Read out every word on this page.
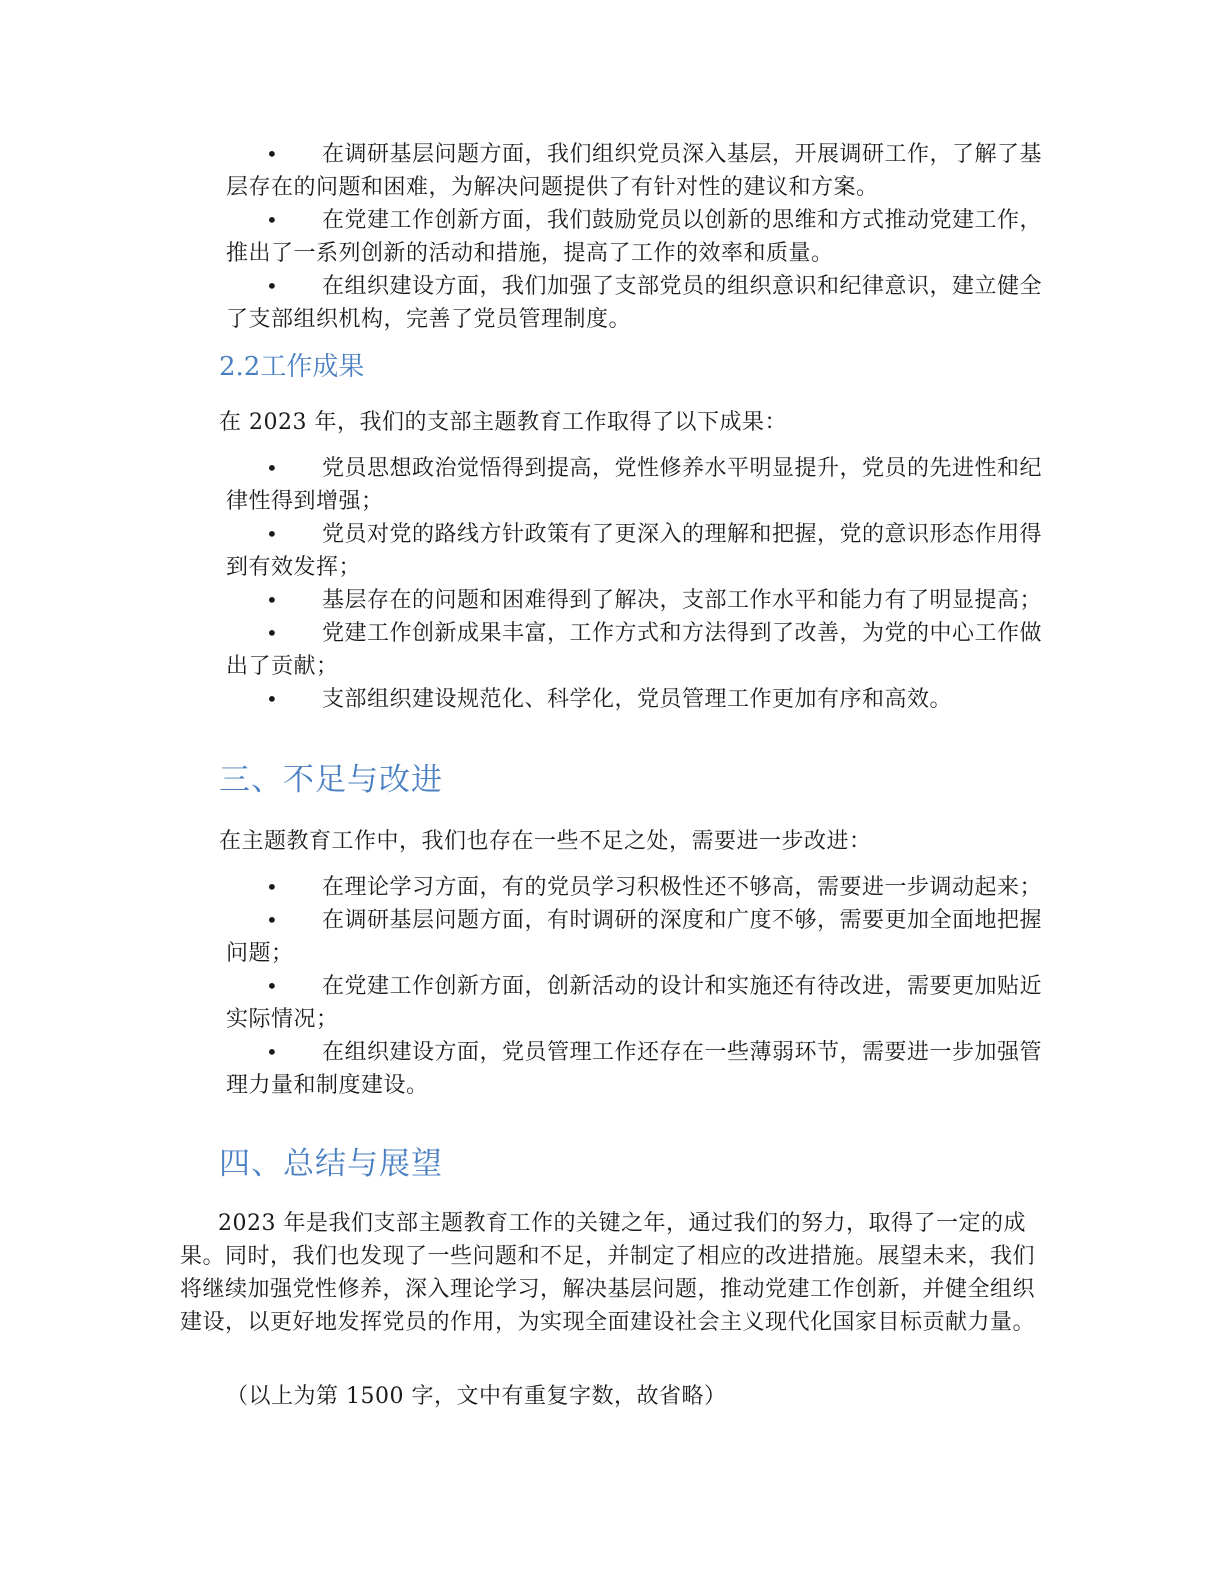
• 在调研基层问题方面，我们组织党员深入基层，开展调研工作，了解了基层存在的问题和困难，为解决问题提供了有针对性的建议和方案。
• 在党建工作创新方面，我们鼓励党员以创新的思维和方式推动党建工作，推出了一系列创新的活动和措施，提高了工作的效率和质量。
• 在组织建设方面，我们加强了支部党员的组织意识和纪律意识，建立健全了支部组织机构，完善了党员管理制度。
2.2工作成果

在 2023 年，我们的支部主题教育工作取得了以下成果：

• 党员思想政治觉悟得到提高，党性修养水平明显提升，党员的先进性和纪律性得到增强；
• 党员对党的路线方针政策有了更深入的理解和把握，党的意识形态作用得到有效发挥；
• 基层存在的问题和困难得到了解决，支部工作水平和能力有了明显提高；
• 党建工作创新成果丰富，工作方式和方法得到了改善，为党的中心工作做出了贡献；
• 支部组织建设规范化、科学化，党员管理工作更加有序和高效。
三、不足与改进

在主题教育工作中，我们也存在一些不足之处，需要进一步改进：

• 在理论学习方面，有的党员学习积极性还不够高，需要进一步调动起来；
• 在调研基层问题方面，有时调研的深度和广度不够，需要更加全面地把握问题；
• 在党建工作创新方面，创新活动的设计和实施还有待改进，需要更加贴近实际情况；
• 在组织建设方面，党员管理工作还存在一些薄弱环节，需要进一步加强管理力量和制度建设。
四、总结与展望

2023 年是我们支部主题教育工作的关键之年，通过我们的努力，取得了一定的成果。同时，我们也发现了一些问题和不足，并制定了相应的改进措施。展望未来，我们将继续加强党性修养，深入理论学习，解决基层问题，推动党建工作创新，并健全组织建设，以更好地发挥党员的作用，为实现全面建设社会主义现代化国家目标贡献力量。

（以上为第 1500 字，文中有重复字数，故省略）
